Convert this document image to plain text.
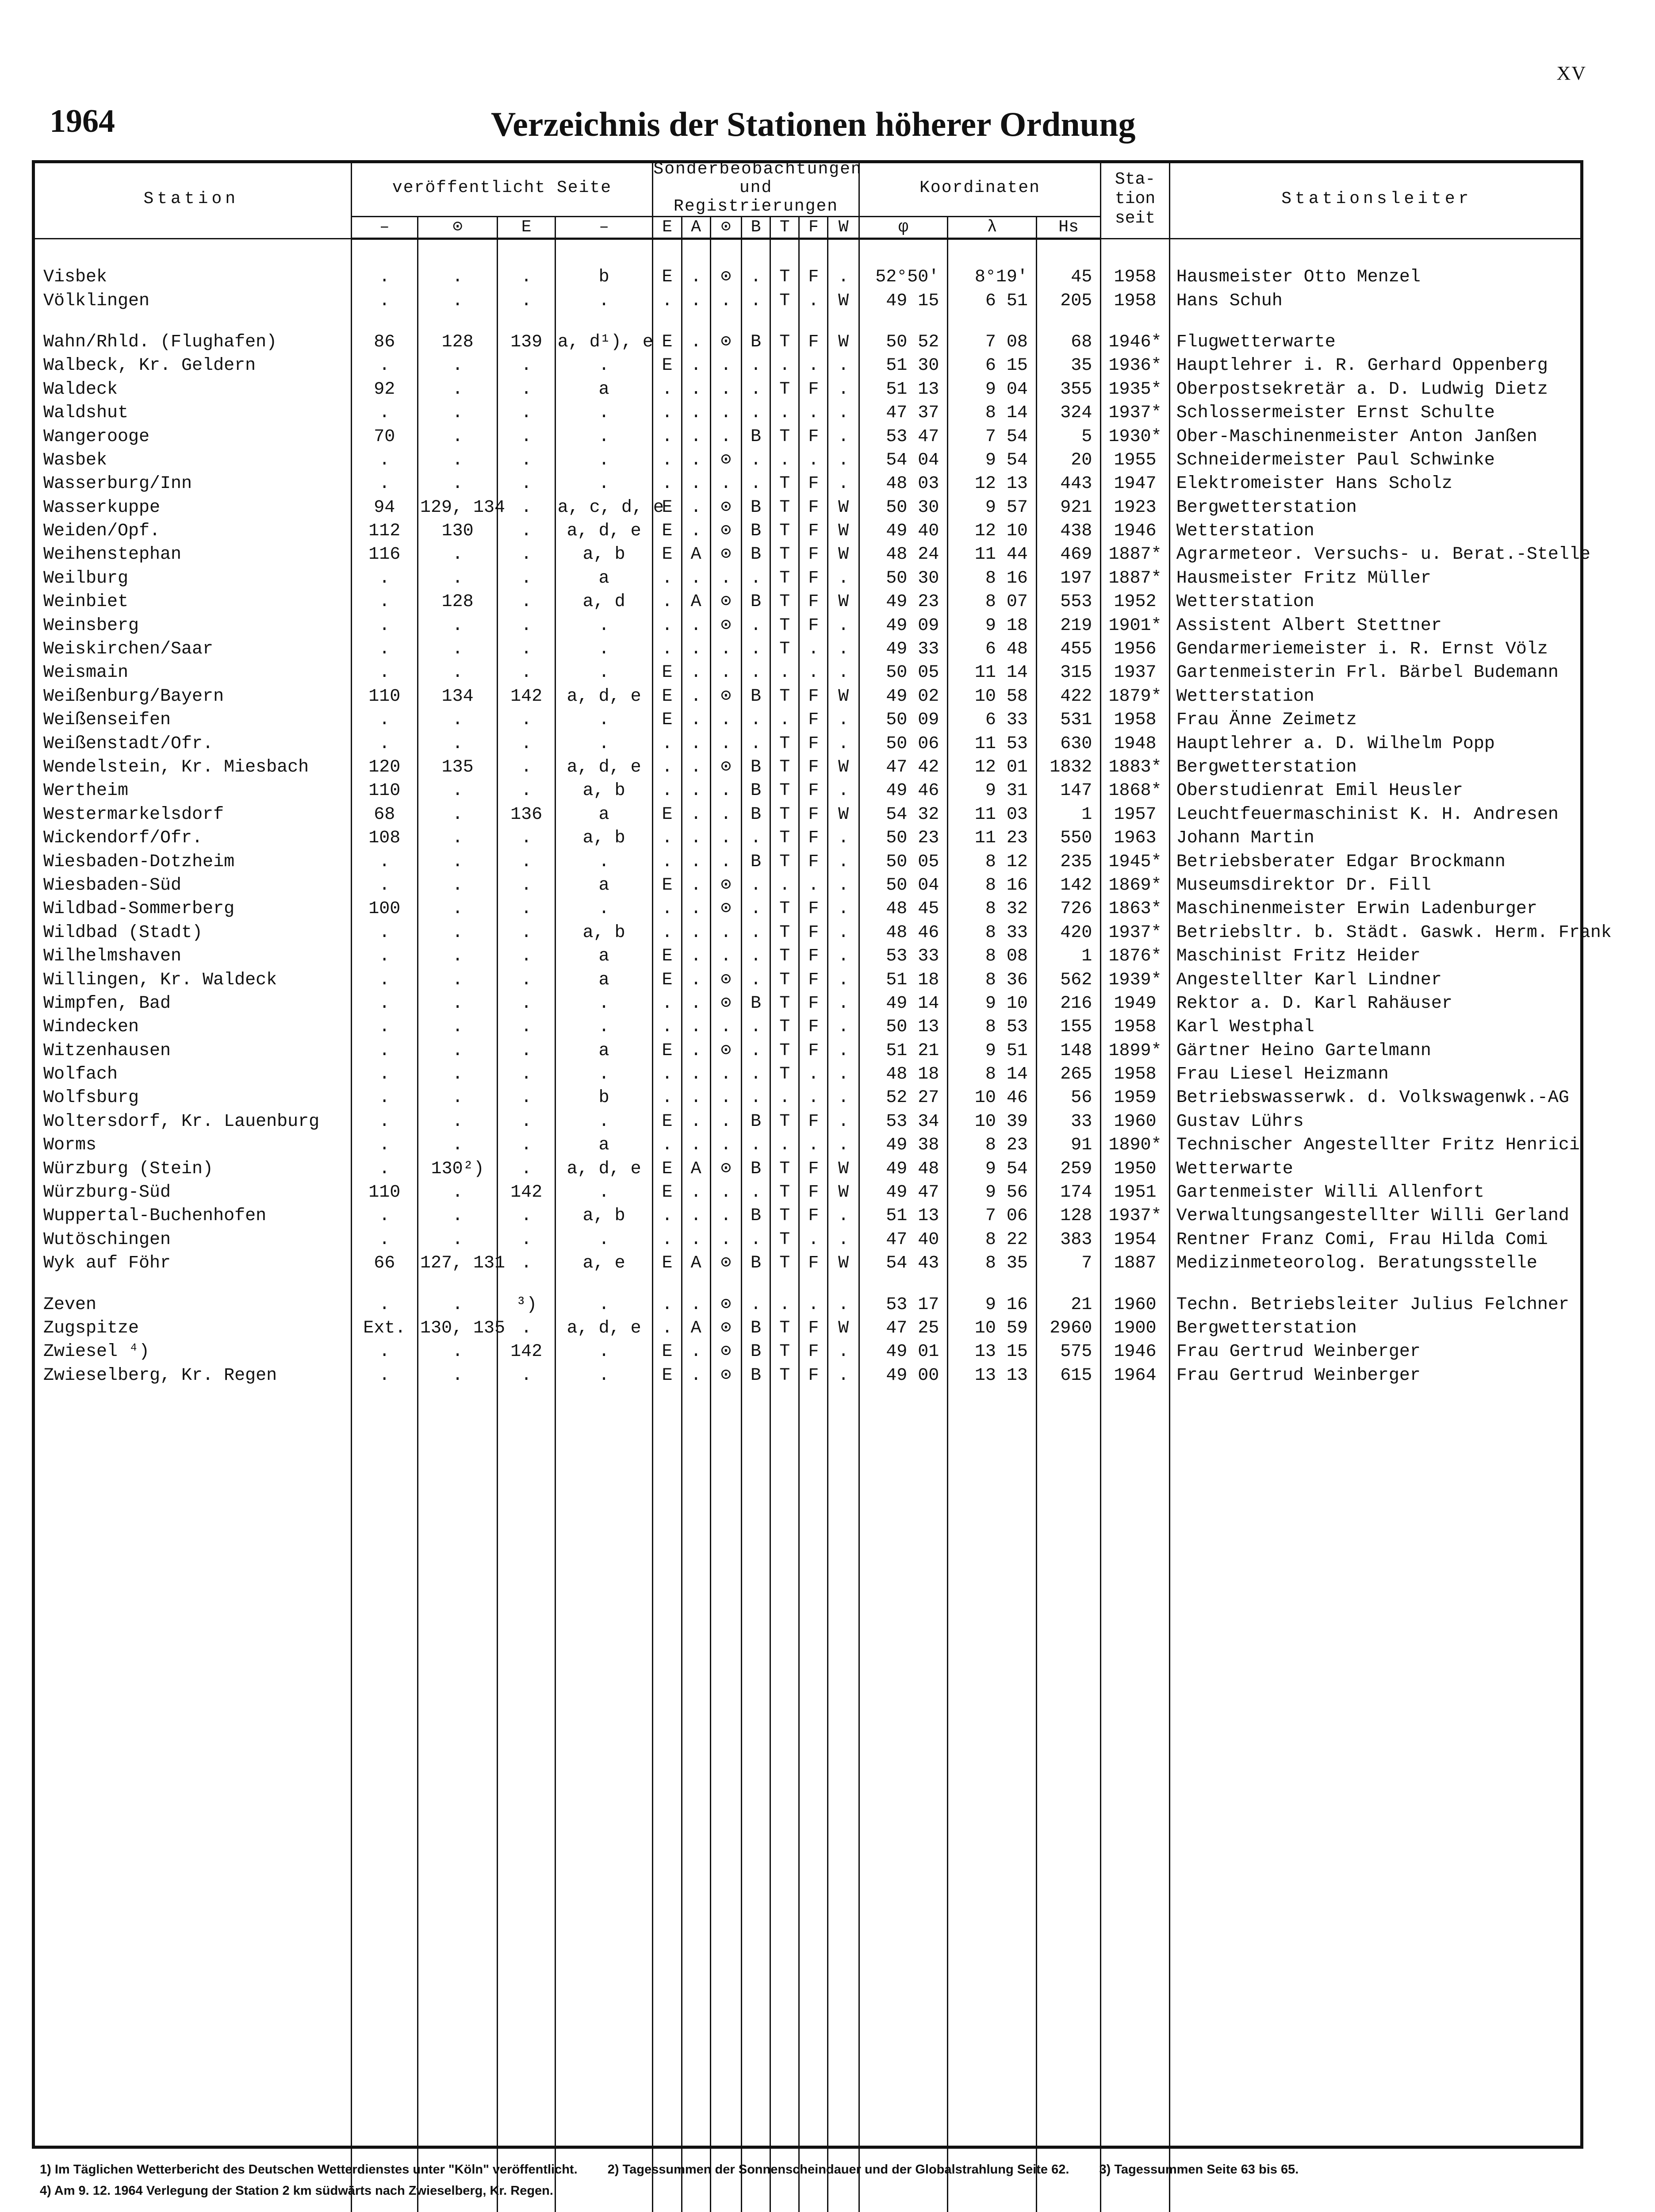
XV
1964	Verzeichnis der Stationen höherer Ordnung
Station	veröffentlicht Seite				Sonderbeobachtungen und Registrierungen							Koordinaten			Sta-tion seit	Stationsleiter
	–	⊙	E	–	E	A	⊙	B	T	F	W	φ	λ	Hs		

Visbek	.	.	.	b	E	.	⊙	.	T	F	.	52°50′	8°19′	45	1958	Hausmeister Otto Menzel
Völklingen	.	.	.	.	.	.	.	.	T	.	W	49 15	6 51	205	1958	Hans Schuh

Wahn/Rhld. (Flughafen)	86	128	139	a, d¹), e	E	.	⊙	B	T	F	W	50 52	7 08	68	1946*	Flugwetterwarte
Walbeck, Kr. Geldern	.	.	.	.	E	.	.	.	.	.	.	51 30	6 15	35	1936*	Hauptlehrer i. R. Gerhard Oppenberg
Waldeck	92	.	.	a	.	.	.	.	T	F	.	51 13	9 04	355	1935*	Oberpostsekretär a. D. Ludwig Dietz
Waldshut	.	.	.	.	.	.	.	.	.	.	.	47 37	8 14	324	1937*	Schlossermeister Ernst Schulte
Wangerooge	70	.	.	.	.	.	.	B	T	F	.	53 47	7 54	5	1930*	Ober-Maschinenmeister Anton Janßen
Wasbek	.	.	.	.	.	.	⊙	.	.	.	.	54 04	9 54	20	1955	Schneidermeister Paul Schwinke
Wasserburg/Inn	.	.	.	.	.	.	.	.	T	F	.	48 03	12 13	443	1947	Elektromeister Hans Scholz
Wasserkuppe	94	129, 134	.	a, c, d, e	E	.	⊙	B	T	F	W	50 30	9 57	921	1923	Bergwetterstation
Weiden/Opf.	112	130	.	a, d, e	E	.	⊙	B	T	F	W	49 40	12 10	438	1946	Wetterstation
Weihenstephan	116	.	.	a, b	E	A	⊙	B	T	F	W	48 24	11 44	469	1887*	Agrarmeteor. Versuchs- u. Berat.-Stelle
Weilburg	.	.	.	a	.	.	.	.	T	F	.	50 30	8 16	197	1887*	Hausmeister Fritz Müller
Weinbiet	.	128	.	a, d	.	A	⊙	B	T	F	W	49 23	8 07	553	1952	Wetterstation
Weinsberg	.	.	.	.	.	.	⊙	.	T	F	.	49 09	9 18	219	1901*	Assistent Albert Stettner
Weiskirchen/Saar	.	.	.	.	.	.	.	.	T	.	.	49 33	6 48	455	1956	Gendarmeriemeister i. R. Ernst Völz
Weismain	.	.	.	.	E	.	.	.	.	.	.	50 05	11 14	315	1937	Gartenmeisterin Frl. Bärbel Budemann
Weißenburg/Bayern	110	134	142	a, d, e	E	.	⊙	B	T	F	W	49 02	10 58	422	1879*	Wetterstation
Weißenseifen	.	.	.	.	E	.	.	.	.	F	.	50 09	6 33	531	1958	Frau Änne Zeimetz
Weißenstadt/Ofr.	.	.	.	.	.	.	.	.	T	F	.	50 06	11 53	630	1948	Hauptlehrer a. D. Wilhelm Popp
Wendelstein, Kr. Miesbach	120	135	.	a, d, e	.	.	⊙	B	T	F	W	47 42	12 01	1832	1883*	Bergwetterstation
Wertheim	110	.	.	a, b	.	.	.	B	T	F	.	49 46	9 31	147	1868*	Oberstudienrat Emil Heusler
Westermarkelsdorf	68	.	136	a	E	.	.	B	T	F	W	54 32	11 03	1	1957	Leuchtfeuermaschinist K. H. Andresen
Wickendorf/Ofr.	108	.	.	a, b	.	.	.	.	T	F	.	50 23	11 23	550	1963	Johann Martin
Wiesbaden-Dotzheim	.	.	.	.	.	.	.	B	T	F	.	50 05	8 12	235	1945*	Betriebsberater Edgar Brockmann
Wiesbaden-Süd	.	.	.	a	E	.	⊙	.	.	.	.	50 04	8 16	142	1869*	Museumsdirektor Dr. Fill
Wildbad-Sommerberg	100	.	.	.	.	.	⊙	.	T	F	.	48 45	8 32	726	1863*	Maschinenmeister Erwin Ladenburger
Wildbad (Stadt)	.	.	.	a, b	.	.	.	.	T	F	.	48 46	8 33	420	1937*	Betriebsltr. b. Städt. Gaswk. Herm. Frank
Wilhelmshaven	.	.	.	a	E	.	.	.	T	F	.	53 33	8 08	1	1876*	Maschinist Fritz Heider
Willingen, Kr. Waldeck	.	.	.	a	E	.	⊙	.	T	F	.	51 18	8 36	562	1939*	Angestellter Karl Lindner
Wimpfen, Bad	.	.	.	.	.	.	⊙	B	T	F	.	49 14	9 10	216	1949	Rektor a. D. Karl Rahäuser
Windecken	.	.	.	.	.	.	.	.	T	F	.	50 13	8 53	155	1958	Karl Westphal
Witzenhausen	.	.	.	a	E	.	⊙	.	T	F	.	51 21	9 51	148	1899*	Gärtner Heino Gartelmann
Wolfach	.	.	.	.	.	.	.	.	T	.	.	48 18	8 14	265	1958	Frau Liesel Heizmann
Wolfsburg	.	.	.	b	.	.	.	.	.	.	.	52 27	10 46	56	1959	Betriebswasserwk. d. Volkswagenwk.-AG
Woltersdorf, Kr. Lauenburg	.	.	.	.	E	.	.	B	T	F	.	53 34	10 39	33	1960	Gustav Lührs
Worms	.	.	.	a	.	.	.	.	.	.	.	49 38	8 23	91	1890*	Technischer Angestellter Fritz Henrici
Würzburg (Stein)	.	130²)	.	a, d, e	E	A	⊙	B	T	F	W	49 48	9 54	259	1950	Wetterwarte
Würzburg-Süd	110	.	142	.	E	.	.	.	T	F	W	49 47	9 56	174	1951	Gartenmeister Willi Allenfort
Wuppertal-Buchenhofen	.	.	.	a, b	.	.	.	B	T	F	.	51 13	7 06	128	1937*	Verwaltungsangestellter Willi Gerland
Wutöschingen	.	.	.	.	.	.	.	.	T	.	.	47 40	8 22	383	1954	Rentner Franz Comi, Frau Hilda Comi
Wyk auf Föhr	66	127, 131	.	a, e	E	A	⊙	B	T	F	W	54 43	8 35	7	1887	Medizinmeteorolog. Beratungsstelle

Zeven	.	.	³)	.	.	.	⊙	.	.	.	.	53 17	9 16	21	1960	Techn. Betriebsleiter Julius Felchner
Zugspitze	Ext.	130, 135	.	a, d, e	.	A	⊙	B	T	F	W	47 25	10 59	2960	1900	Bergwetterstation
Zwiesel ⁴)	.	.	142	.	E	.	⊙	B	T	F	.	49 01	13 15	575	1946	Frau Gertrud Weinberger
Zwieselberg, Kr. Regen	.	.	.	.	E	.	⊙	B	T	F	.	49 00	13 13	615	1964	Frau Gertrud Weinberger

1) Im Täglichen Wetterbericht des Deutschen Wetterdienstes unter "Köln" veröffentlicht. 2) Tagessummen der Sonnenscheindauer und der Globalstrahlung Seite 62. 3) Tagessummen Seite 63 bis 65.
4) Am 9. 12. 1964 Verlegung der Station 2 km südwärts nach Zwieselberg, Kr. Regen.
